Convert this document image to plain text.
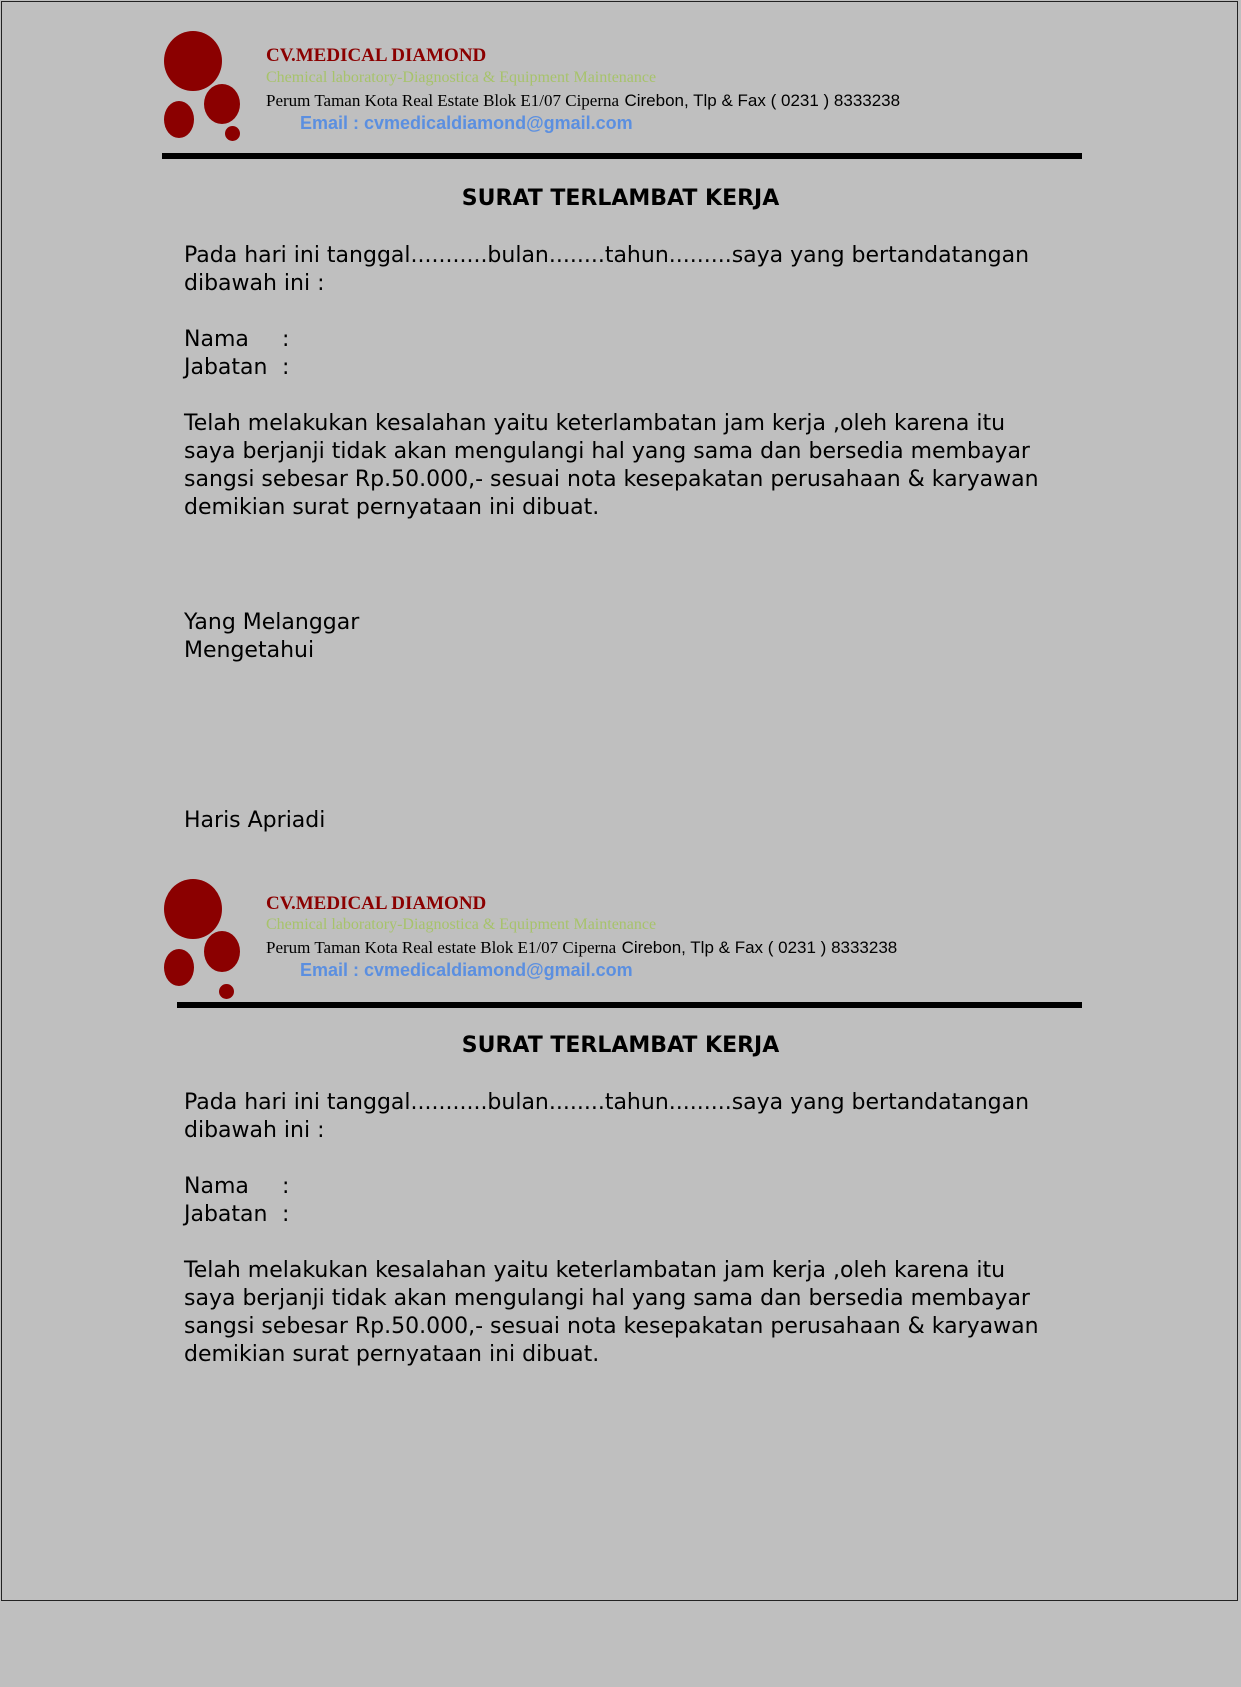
CV.MEDICAL DIAMOND

Chemical laboratory-Diagnostica & Equipment Maintenance

Perum Taman Kota Real Estate Blok E1/07 Ciperna Cirebon, Tlp & Fax ( 0231 ) 8333238

Email : cvmedicaldiamond@gmail.com

SURAT TERLAMBAT KERJA

Pada hari ini tanggal...........bulan........tahun.........saya yang bertandatangan
dibawah ini :

Nama :
Jabatan :

Telah melakukan kesalahan yaitu keterlambatan jam kerja ,oleh karena itu
saya berjanji tidak akan mengulangi hal yang sama dan bersedia membayar
sangsi sebesar Rp.50.000,- sesuai nota kesepakatan perusahaan & karyawan
demikian surat pernyataan ini dibuat.

Yang Melanggar
Mengetahui

Haris Apriadi

CV.MEDICAL DIAMOND

Chemical laboratory-Diagnostica & Equipment Maintenance

Perum Taman Kota Real estate Blok E1/07 Ciperna Cirebon, Tlp & Fax ( 0231 ) 8333238

Email : cvmedicaldiamond@gmail.com

SURAT TERLAMBAT KERJA

Pada hari ini tanggal...........bulan........tahun.........saya yang bertandatangan
dibawah ini :

Nama :
Jabatan :

Telah melakukan kesalahan yaitu keterlambatan jam kerja ,oleh karena itu
saya berjanji tidak akan mengulangi hal yang sama dan bersedia membayar
sangsi sebesar Rp.50.000,- sesuai nota kesepakatan perusahaan & karyawan
demikian surat pernyataan ini dibuat.
